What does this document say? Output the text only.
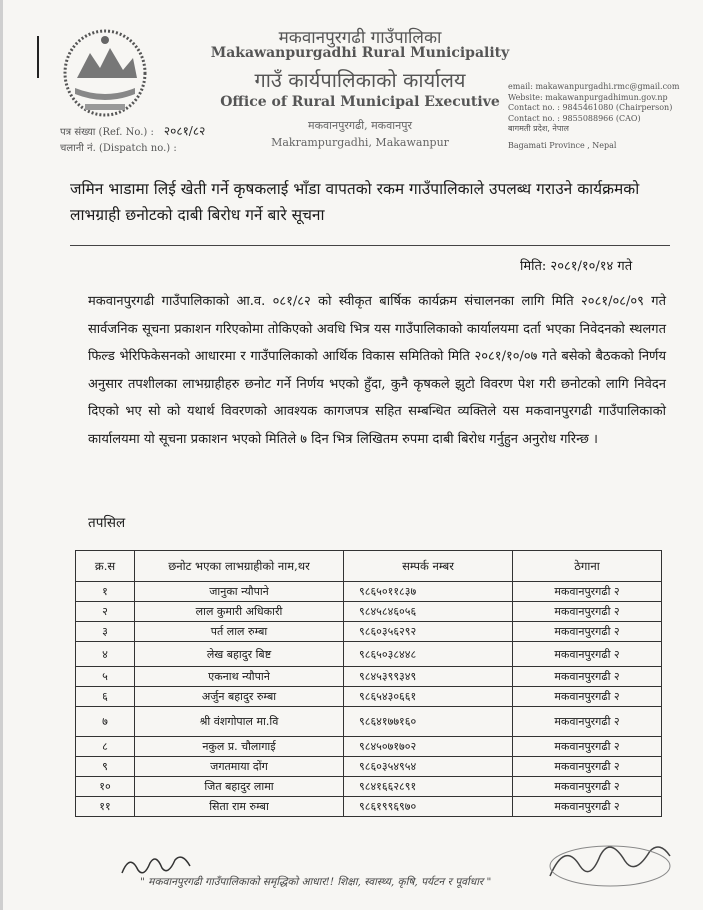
मकवानपुरगढी गाउँपालिका
Makawanpurgadhi Rural Municipality
गाउँ कार्यपालिकाको कार्यालय
Office of Rural Municipal Executive
मकवानपुरगढी, मकवानपुर
Makrampurgadhi, Makawanpur
पत्र संख्या (Ref. No.) : २०८१/८२
चलानी नं. (Dispatch no.) :
email: makawanpurgadhi.rmc@gmail.com
Website: makawanpurgadhimun.gov.np
Contact no. : 9845461080 (Chairperson)
Contact no. : 9855088966 (CAO)
बागमती प्रदेश, नेपाल
Bagamati Province , Nepal
जमिन भाडामा लिई खेती गर्ने कृषकलाई भाँडा वापतको रकम गाउँपालिकाले उपलब्ध गराउने कार्यक्रमको लाभग्राही छनोटको दाबी बिरोध गर्ने बारे सूचना
मिति: २०८१/१०/१४ गते
मकवानपुरगढी गाउँपालिकाको आ.व. ०८१/८२ को स्वीकृत बार्षिक कार्यक्रम संचालनका लागि मिति २०८१/०८/०९ गते सार्वजनिक सूचना प्रकाशन गरिएकोमा तोकिएको अवधि भित्र यस गाउँपालिकाको कार्यालयमा दर्ता भएका निवेदनको स्थलगत फिल्ड भेरिफिकेसनको आधारमा र गाउँपालिकाको आर्थिक विकास समितिको मिति २०८१/१०/०७ गते बसेको बैठकको निर्णय अनुसार तपशीलका लाभग्राहीहरु छनोट गर्ने निर्णय भएको हुँदा, कुनै कृषकले झुटो विवरण पेश गरी छनोटको लागि निवेदन दिएको भए सो को यथार्थ विवरणको आवश्यक कागजपत्र सहित सम्बन्धित व्यक्तिले यस मकवानपुरगढी गाउँपालिकाको कार्यालयमा यो सूचना प्रकाशन भएको मितिले ७ दिन भित्र लिखितम रुपमा दाबी बिरोध गर्नुहुन अनुरोध गरिन्छ ।
तपसिल
क्र.स	छनोट भएका लाभग्राहीको नाम,थर	सम्पर्क नम्बर	ठेगाना
१	जानुका न्यौपाने	९८६५०११८३७	मकवानपुरगढी २
२	लाल कुमारी अधिकारी	९८४५८४६०५६	मकवानपुरगढी २
३	पर्त लाल रुम्बा	९८६०३५६२९२	मकवानपुरगढी २
४	लेख बहादुर बिष्ट	९८६५०३८४४८	मकवानपुरगढी २
५	एकनाथ न्यौपाने	९८४५३९९३४९	मकवानपुरगढी २
६	अर्जुन बहादुर रुम्बा	९८६५४३०६६१	मकवानपुरगढी २
७	श्री वंशगोपाल मा.वि	९८६४१७७१६०	मकवानपुरगढी २
८	नकुल प्र. चौलागाई	९८४५०७१७०२	मकवानपुरगढी २
९	जगतमाया दोंग	९८६०३५४९५४	मकवानपुरगढी २
१०	जित बहादुर लामा	९८४१६६२८९१	मकवानपुरगढी २
११	सिता राम रुम्बा	९८६१९९६९७०	मकवानपुरगढी २
" मकवानपुरगढी गाउँपालिकाको समृद्धिको आधार!! शिक्षा, स्वास्थ्य, कृषि, पर्यटन र पूर्वाधार "
